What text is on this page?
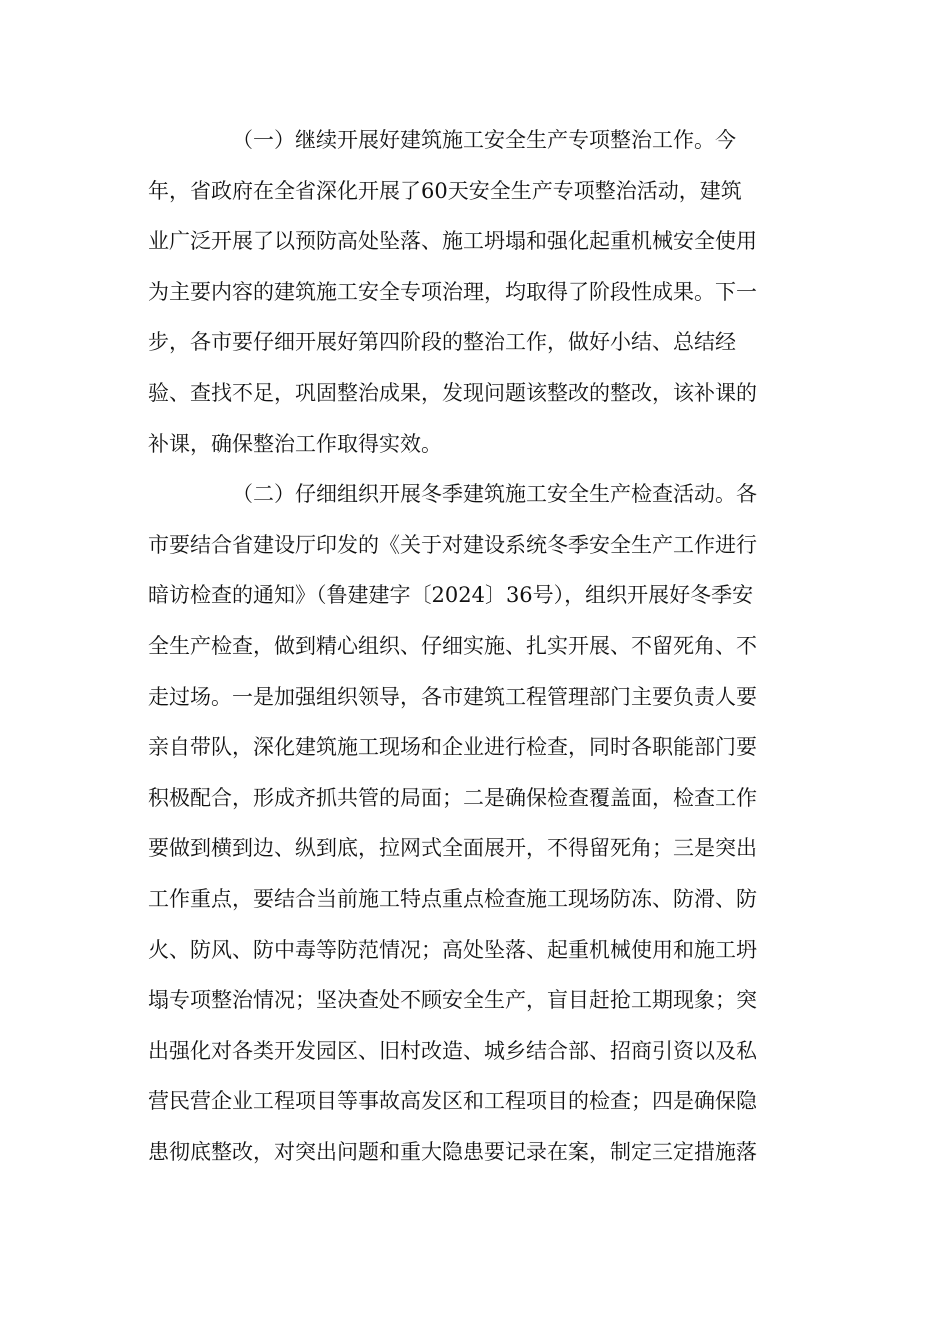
（一）继续开展好建筑施工安全生产专项整治工作。今
年，省政府在全省深化开展了60天安全生产专项整治活动，建筑
业广泛开展了以预防高处坠落、施工坍塌和强化起重机械安全使用
为主要内容的建筑施工安全专项治理，均取得了阶段性成果。下一
步，各市要仔细开展好第四阶段的整治工作，做好小结、总结经
验、查找不足，巩固整治成果，发现问题该整改的整改，该补课的
补课，确保整治工作取得实效。
（二）仔细组织开展冬季建筑施工安全生产检查活动。各
市要结合省建设厅印发的《关于对建设系统冬季安全生产工作进行
暗访检查的通知》（鲁建建字〔2024〕36号），组织开展好冬季安
全生产检查，做到精心组织、仔细实施、扎实开展、不留死角、不
走过场。一是加强组织领导，各市建筑工程管理部门主要负责人要
亲自带队，深化建筑施工现场和企业进行检查，同时各职能部门要
积极配合，形成齐抓共管的局面；二是确保检查覆盖面，检查工作
要做到横到边、纵到底，拉网式全面展开，不得留死角；三是突出
工作重点，要结合当前施工特点重点检查施工现场防冻、防滑、防
火、防风、防中毒等防范情况；高处坠落、起重机械使用和施工坍
塌专项整治情况；坚决查处不顾安全生产，盲目赶抢工期现象；突
出强化对各类开发园区、旧村改造、城乡结合部、招商引资以及私
营民营企业工程项目等事故高发区和工程项目的检查；四是确保隐
患彻底整改，对突出问题和重大隐患要记录在案，制定三定措施落
